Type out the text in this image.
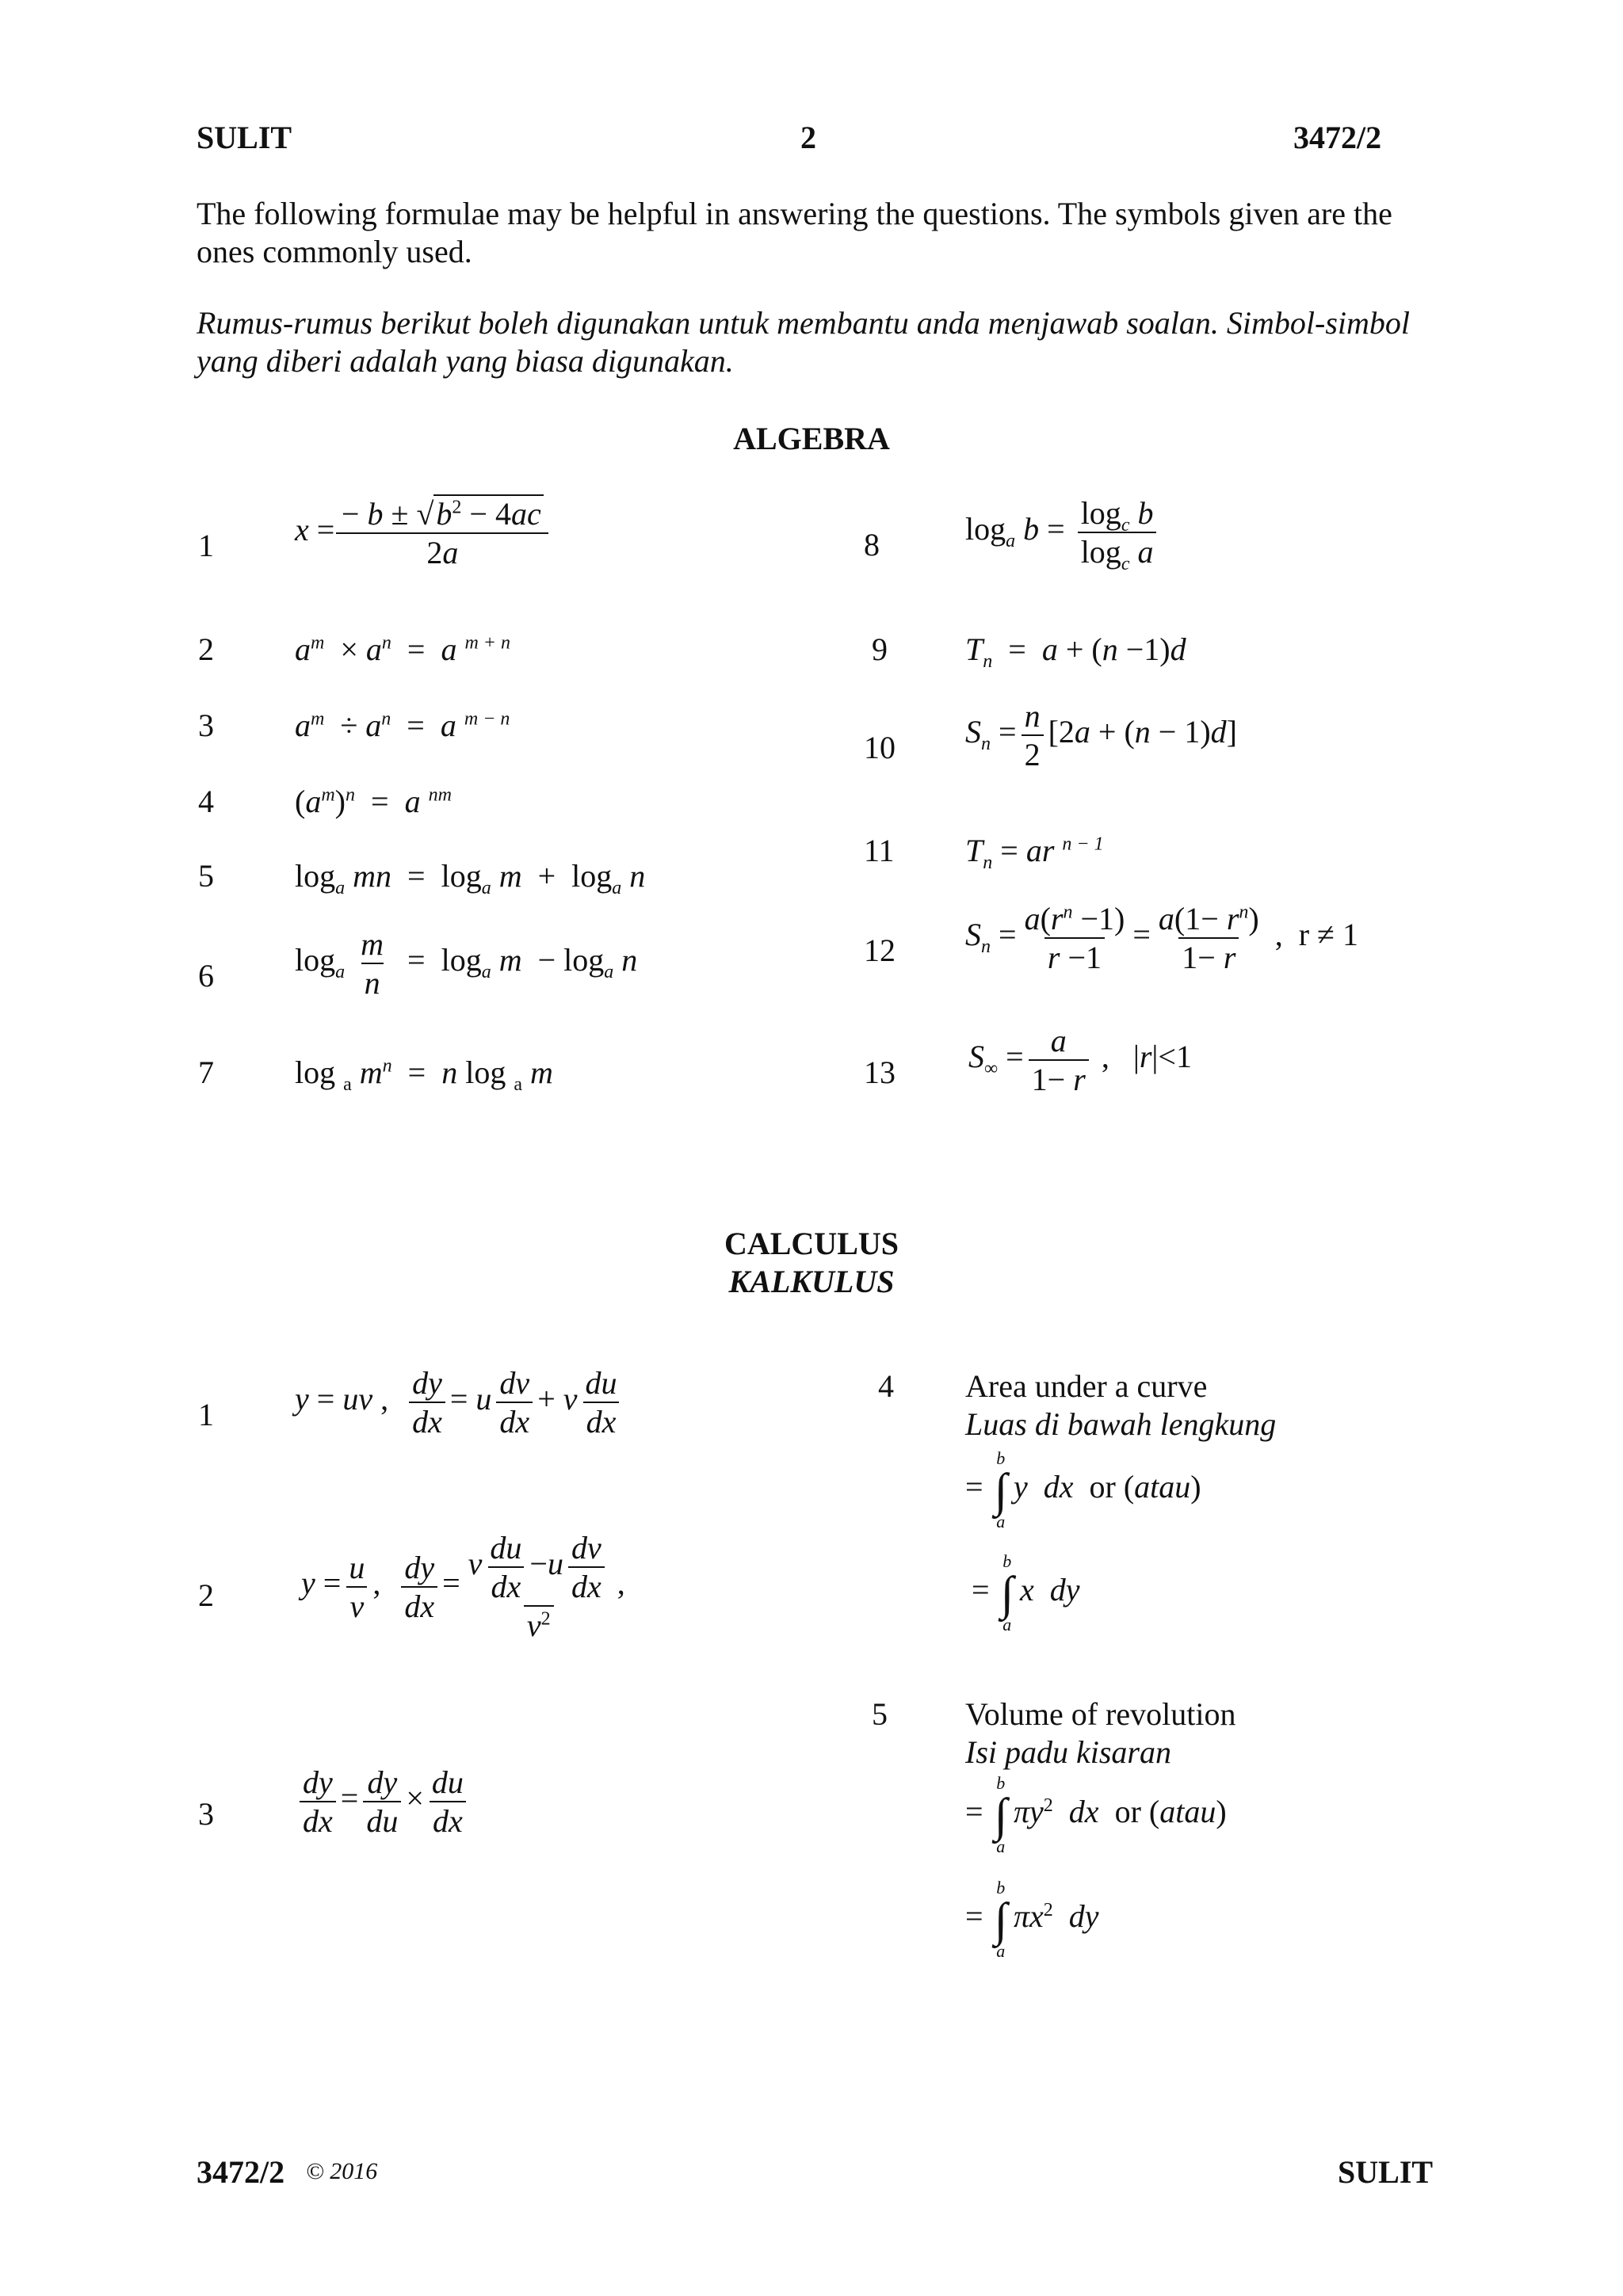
SULIT	2	3472/2
The following formulae may be helpful in answering the questions. The symbols given are the ones commonly used.
Rumus-rumus berikut boleh digunakan untuk membantu anda menjawab soalan. Simbol-simbol yang diberi adalah yang biasa digunakan.
ALGEBRA
1	$x = \frac{- b \pm √b^2 - 4ac}{2a}$
2	$a^m \times a^n = a$ $^{m + n}$
3	$a^m \div a^n = a$ $^{m - n}$
4	$(a^m)^n = a$ $^{nm}$
5	$\log_a$ mn  =  $\log_a m + \log_a n$
6	$\log_a \frac{m}{n} = \log_a m - \log_a n$
7	log $_a$ $m^n = n$ log $_a$ m
8	$\log_a b = \frac{\log_c b}{\log_c a}$
9 $T_n = a + (n -1)d$
10 $S_n = \frac{n}{2} [2a + (n - 1)d]$
11 $T_n$ = ar $^{n - 1}$
12 $S_n = \frac{a(r^n -1)}{r -1} = \frac{a(1- r^n)}{1- r}$ ,  r ≠ 1
13 $S_\infty = \frac{a}{1- r}$ ,   |r|<1
CALCULUS
KALKULUS
1	y = uv , $\frac{dy}{dx} = u \frac{dv}{dx} + v \frac{du}{dx}$
2	$y = \frac{u}{v}$ , $\frac{dy}{dx} = \frac{v \frac{du}{dx} -u \frac{dv}{dx}}{v^2}$ ,
3	$\frac{dy}{dx} = \frac{dy}{du} \times \frac{du}{dx}$
4 Area under a curve
Luas di bawah lengkung
=
b
∫
a
y dx  or (atau)
=
b
∫
a
x dy
5 Volume of revolution
Isi padu kisaran
=
b
∫
a
$\pi y^2$ dx  or (atau)
=
b
∫
a
$\pi x^2$ dy
3472/2 © 2016	SULIT
